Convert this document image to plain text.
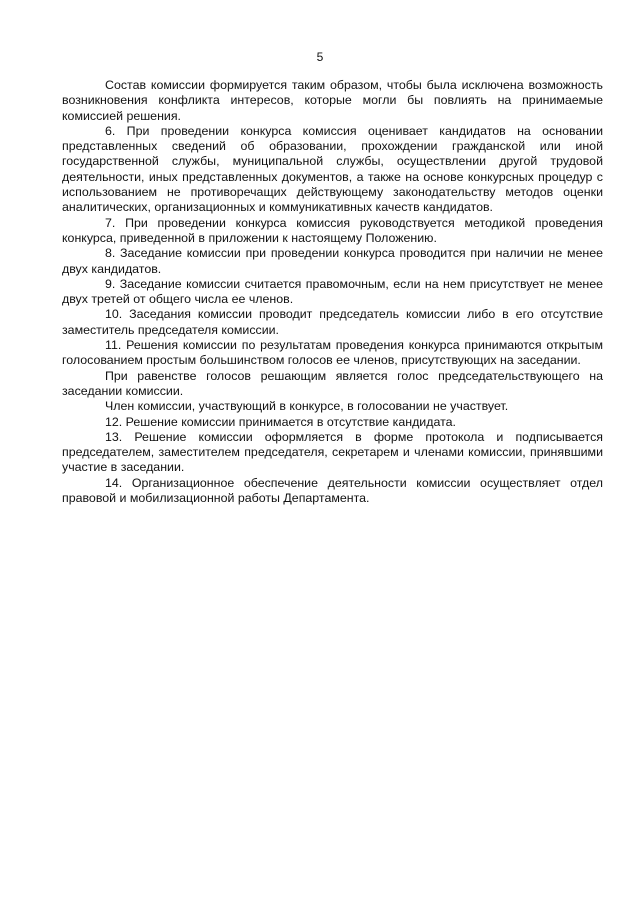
5

Состав комиссии формируется таким образом, чтобы была исключена возможность возникновения конфликта интересов, которые могли бы повлиять на принимаемые комиссией решения.

6. При проведении конкурса комиссия оценивает кандидатов на основании представленных сведений об образовании, прохождении гражданской или иной государственной службы, муниципальной службы, осуществлении другой трудовой деятельности, иных представленных документов, а также на основе конкурсных процедур с использованием не противоречащих действующему законодательству методов оценки аналитических, организационных и коммуникативных качеств кандидатов.

7. При проведении конкурса комиссия руководствуется методикой проведения конкурса, приведенной в приложении к настоящему Положению.

8. Заседание комиссии при проведении конкурса проводится при наличии не менее двух кандидатов.

9. Заседание комиссии считается правомочным, если на нем присутствует не менее двух третей от общего числа ее членов.

10. Заседания комиссии проводит председатель комиссии либо в его отсутствие заместитель председателя комиссии.

11. Решения комиссии по результатам проведения конкурса принимаются открытым голосованием простым большинством голосов ее членов, присутствующих на заседании.

При равенстве голосов решающим является голос председательствующего на заседании комиссии.

Член комиссии, участвующий в конкурсе, в голосовании не участвует.

12. Решение комиссии принимается в отсутствие кандидата.

13. Решение комиссии оформляется в форме протокола и подписывается председателем, заместителем председателя, секретарем и членами комиссии, принявшими участие в заседании.

14. Организационное обеспечение деятельности комиссии осуществляет отдел правовой и мобилизационной работы Департамента.
